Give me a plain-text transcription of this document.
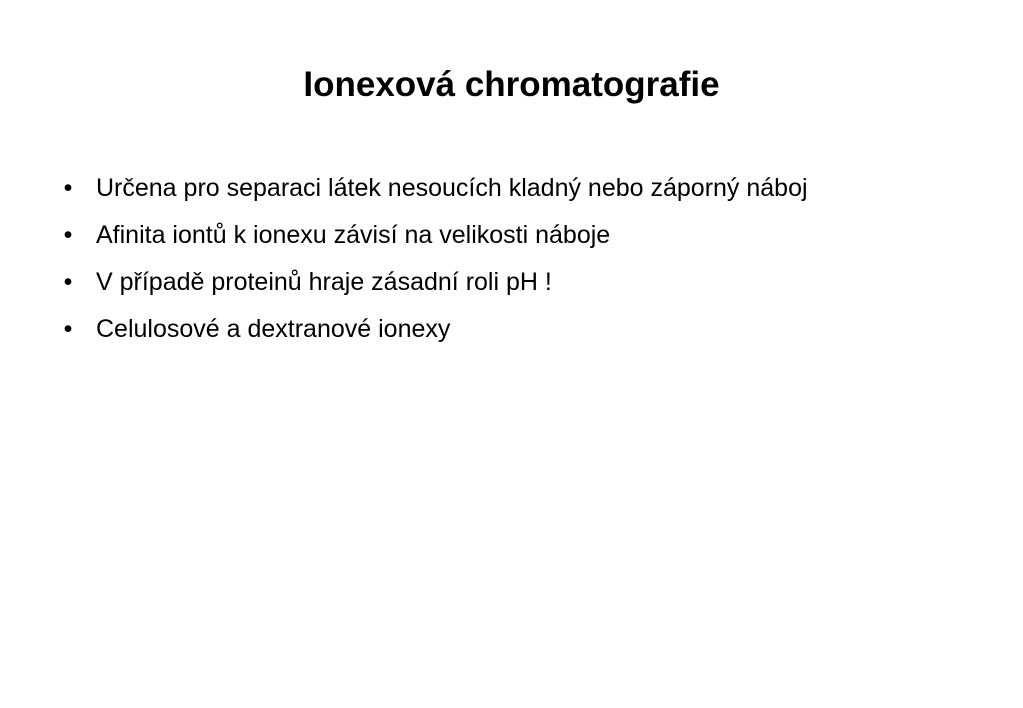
Ionexová chromatografie
• Určena pro separaci látek nesoucích kladný nebo záporný náboj
• Afinita iontů k ionexu závisí na velikosti náboje
• V případě proteinů hraje zásadní roli pH !
• Celulosové a dextranové ionexy
